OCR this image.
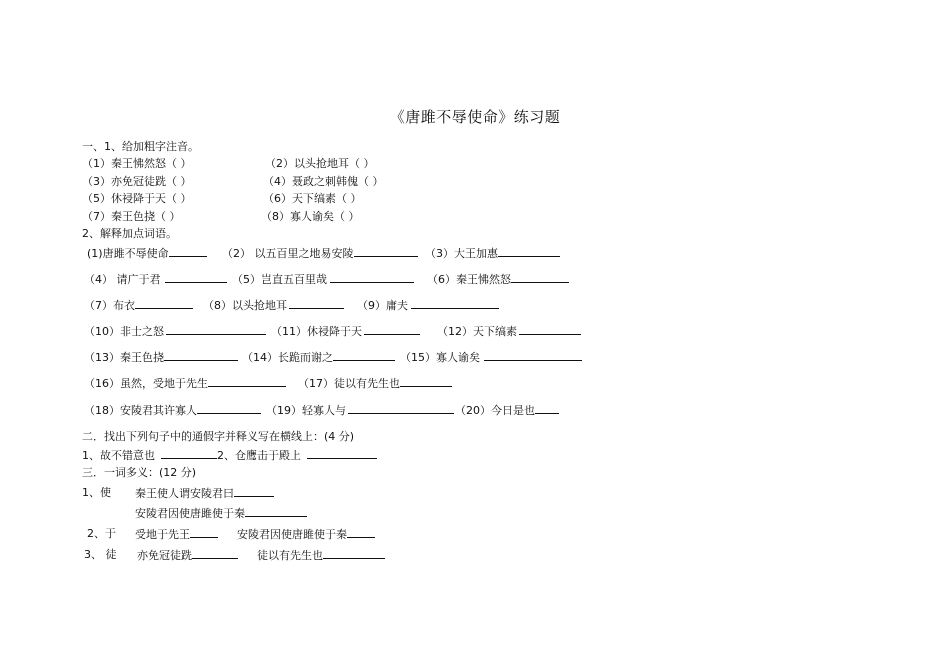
《唐雎不辱使命》练习题
一、1、给加粗字注音。
（1）秦王怫然怒（ ）	（2）以头抢地耳（ ）
（3）亦免冠徒跣（ ）	（4）聂政之刺韩傀（ ）
（5）休祲降于天（ ）	（6）天下缟素（ ）
（7）秦王色挠（ ）	（8）寡人谕矣（ ）
2、解释加点词语。
(1)唐雎不辱使命	（2） 以五百里之地易安陵	（3）大王加惠
（4） 请广于君	（5）岂直五百里哉	（6）秦王怫然怒
（7）布衣	（8）以头抢地耳	（9）庸夫
（10）非士之怒	（11）休祲降于天	（12）天下缟素
（13）秦王色挠	（14）长跪而谢之	（15）寡人谕矣
（16）虽然，受地于先生	（17）徒以有先生也
（18）安陵君其许寡人	（19）轻寡人与	（20）今日是也
二．找出下列句子中的通假字并释义写在横线上：(4 分)
1、故不错意也	2、仓鹰击于殿上
三．一词多义：(12 分)
1、使 秦王使人谓安陵君曰
安陵君因使唐雎使于秦
2、于 受地于先王	安陵君因使唐雎使于秦
3、 徒 亦免冠徒跣	徒以有先生也
